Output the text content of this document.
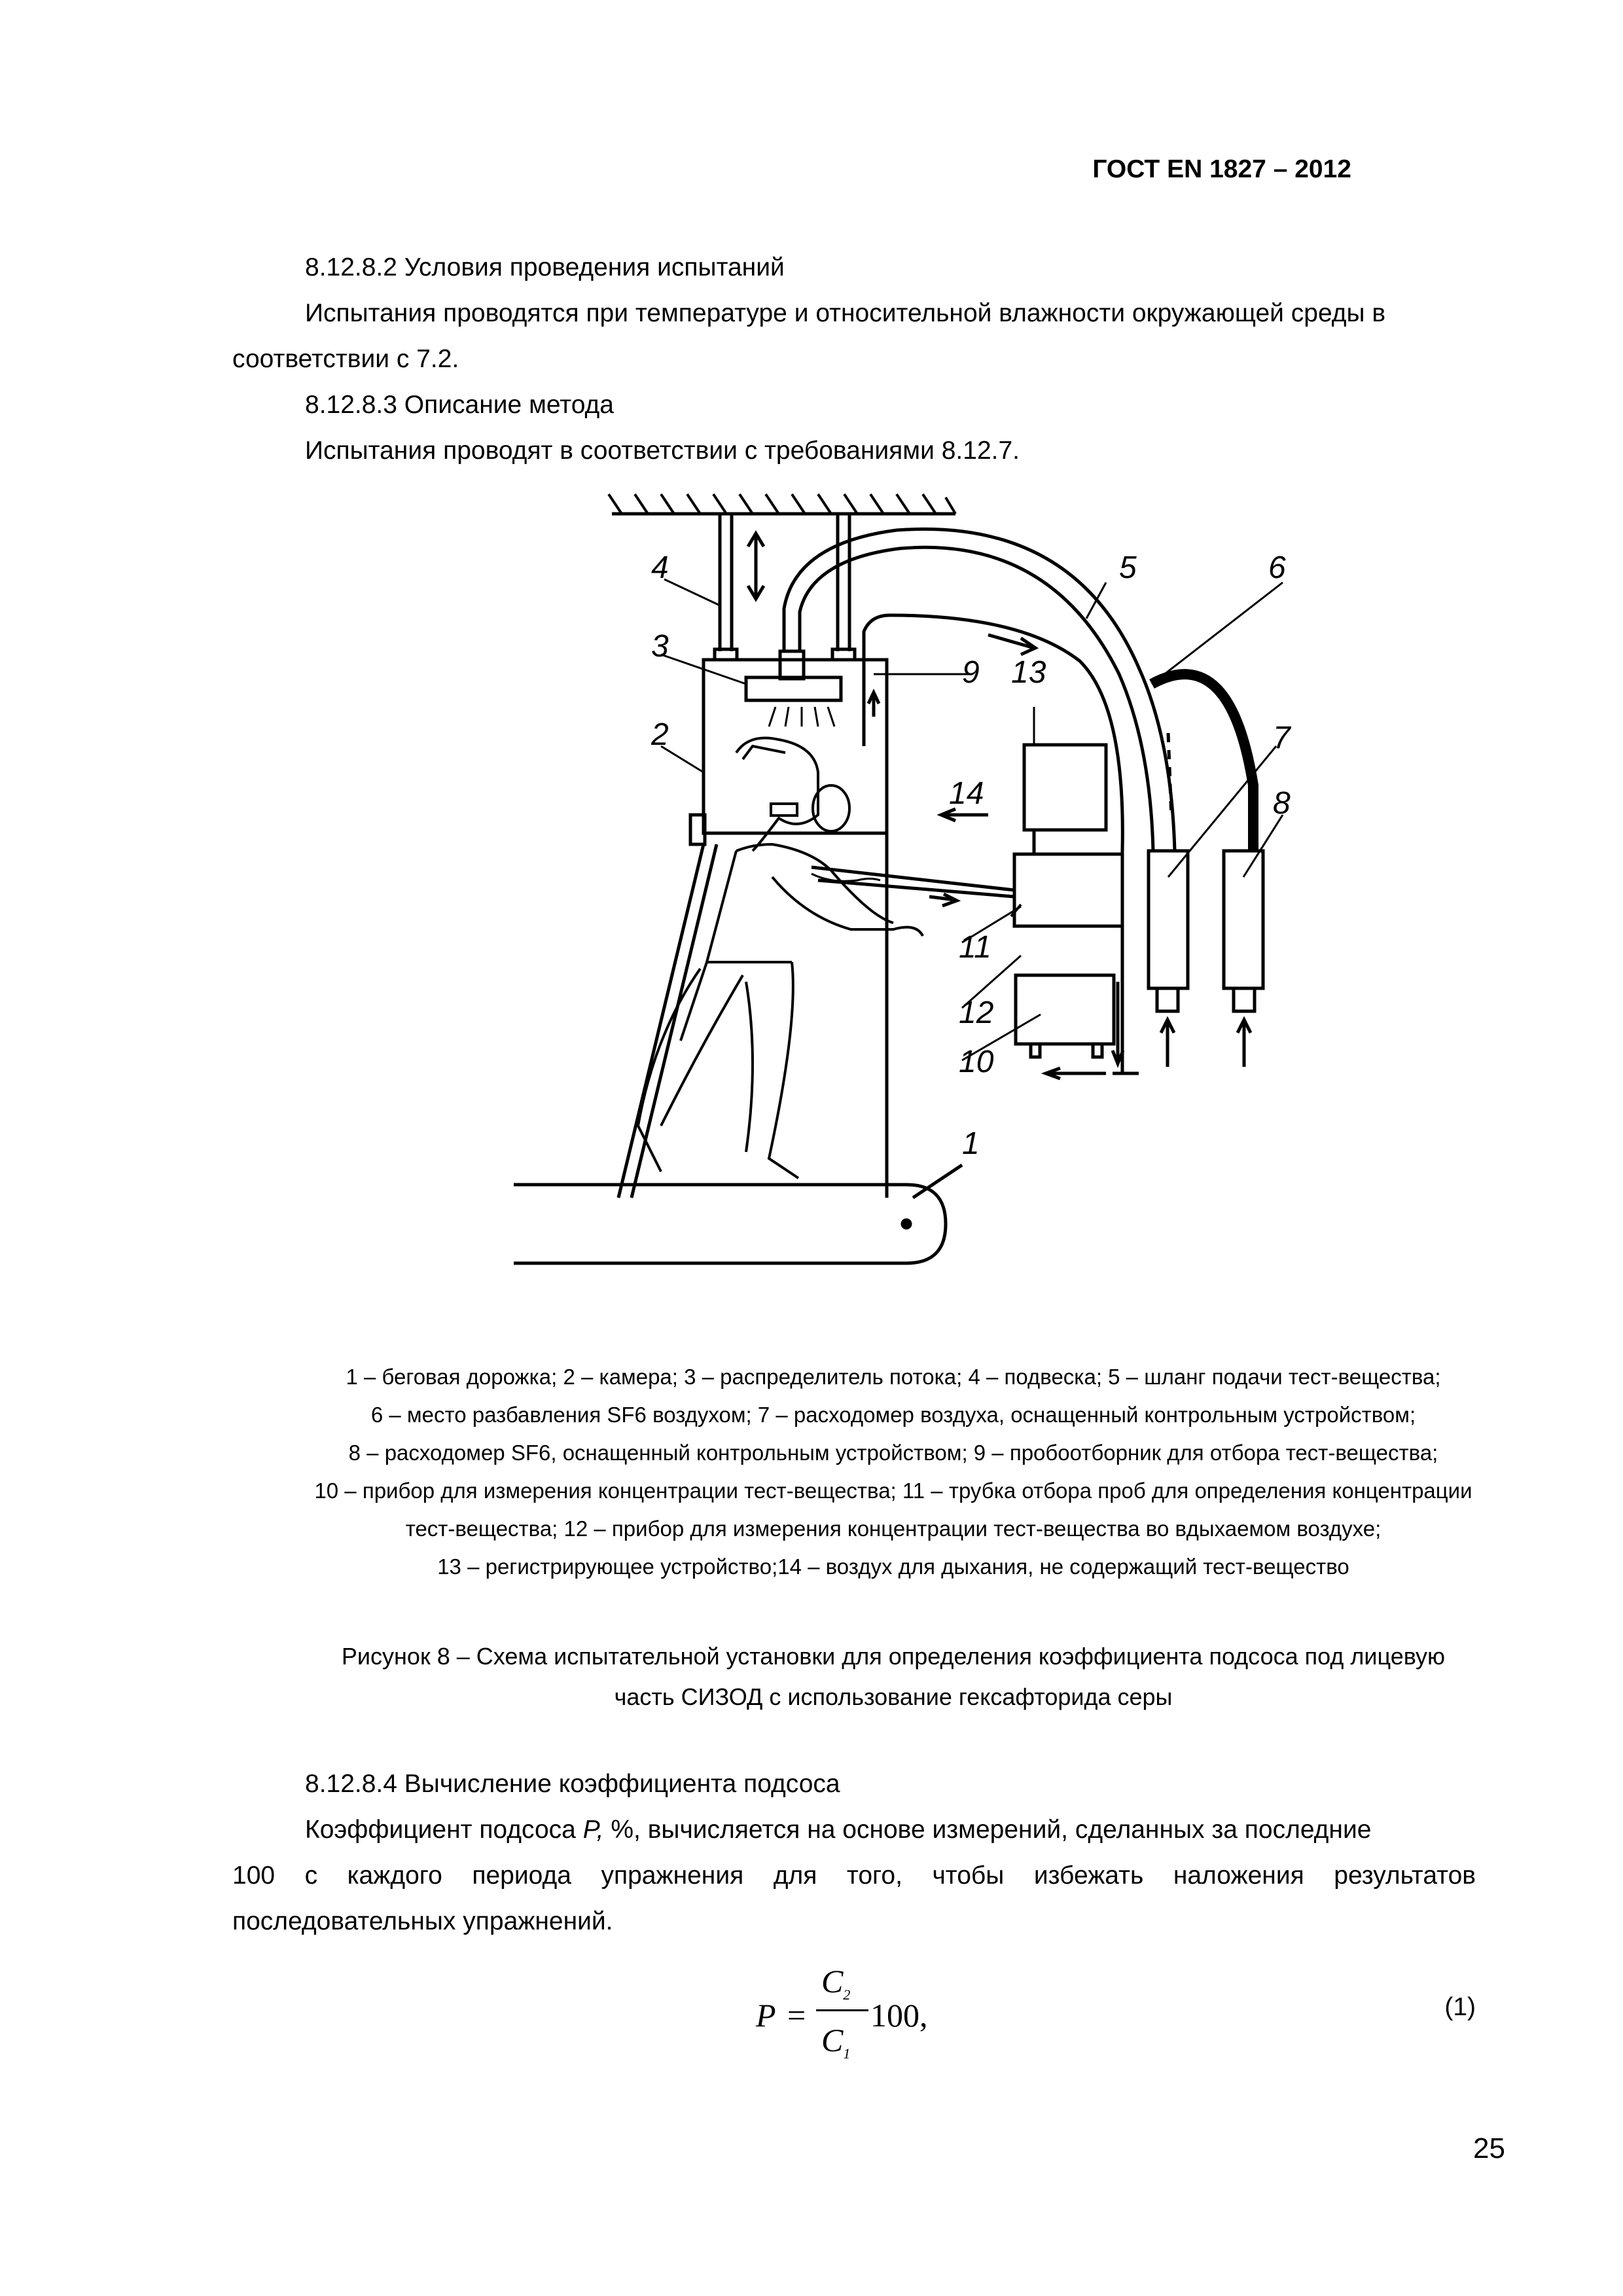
ГОСТ EN 1827 – 2012
8.12.8.2 Условия проведения испытаний
Испытания проводятся при температуре и относительной влажности окружающей среды в
соответствии с 7.2.
8.12.8.3 Описание метода
Испытания проводят в соответствии с требованиями 8.12.7.
4
3
2
5	6
9 13
7
8
14
11
12
10
1
1 – беговая дорожка; 2 – камера; 3 – распределитель потока; 4 – подвеска; 5 – шланг подачи тест-вещества;
6 – место разбавления SF6 воздухом; 7 – расходомер воздуха, оснащенный контрольным устройством;
8 – расходомер SF6, оснащенный контрольным устройством; 9 – пробоотборник для отбора тест-вещества;
10 – прибор для измерения концентрации тест-вещества; 11 – трубка отбора проб для определения концентрации
тест-вещества; 12 – прибор для измерения концентрации тест-вещества во вдыхаемом воздухе;
13 – регистрирующее устройство;14 – воздух для дыхания, не содержащий тест-вещество
Рисунок 8 – Схема испытательной установки для определения коэффициента подсоса под лицевую
часть СИЗОД с использование гексафторида серы
8.12.8.4 Вычисление коэффициента подсоса
Коэффициент подсоса P, %, вычисляется на основе измерений, сделанных за последние
100 с каждого периода упражнения для того, чтобы избежать наложения результатов
последовательных упражнений.
P =
$C_2$
$C_1$
100,	(1)
25
